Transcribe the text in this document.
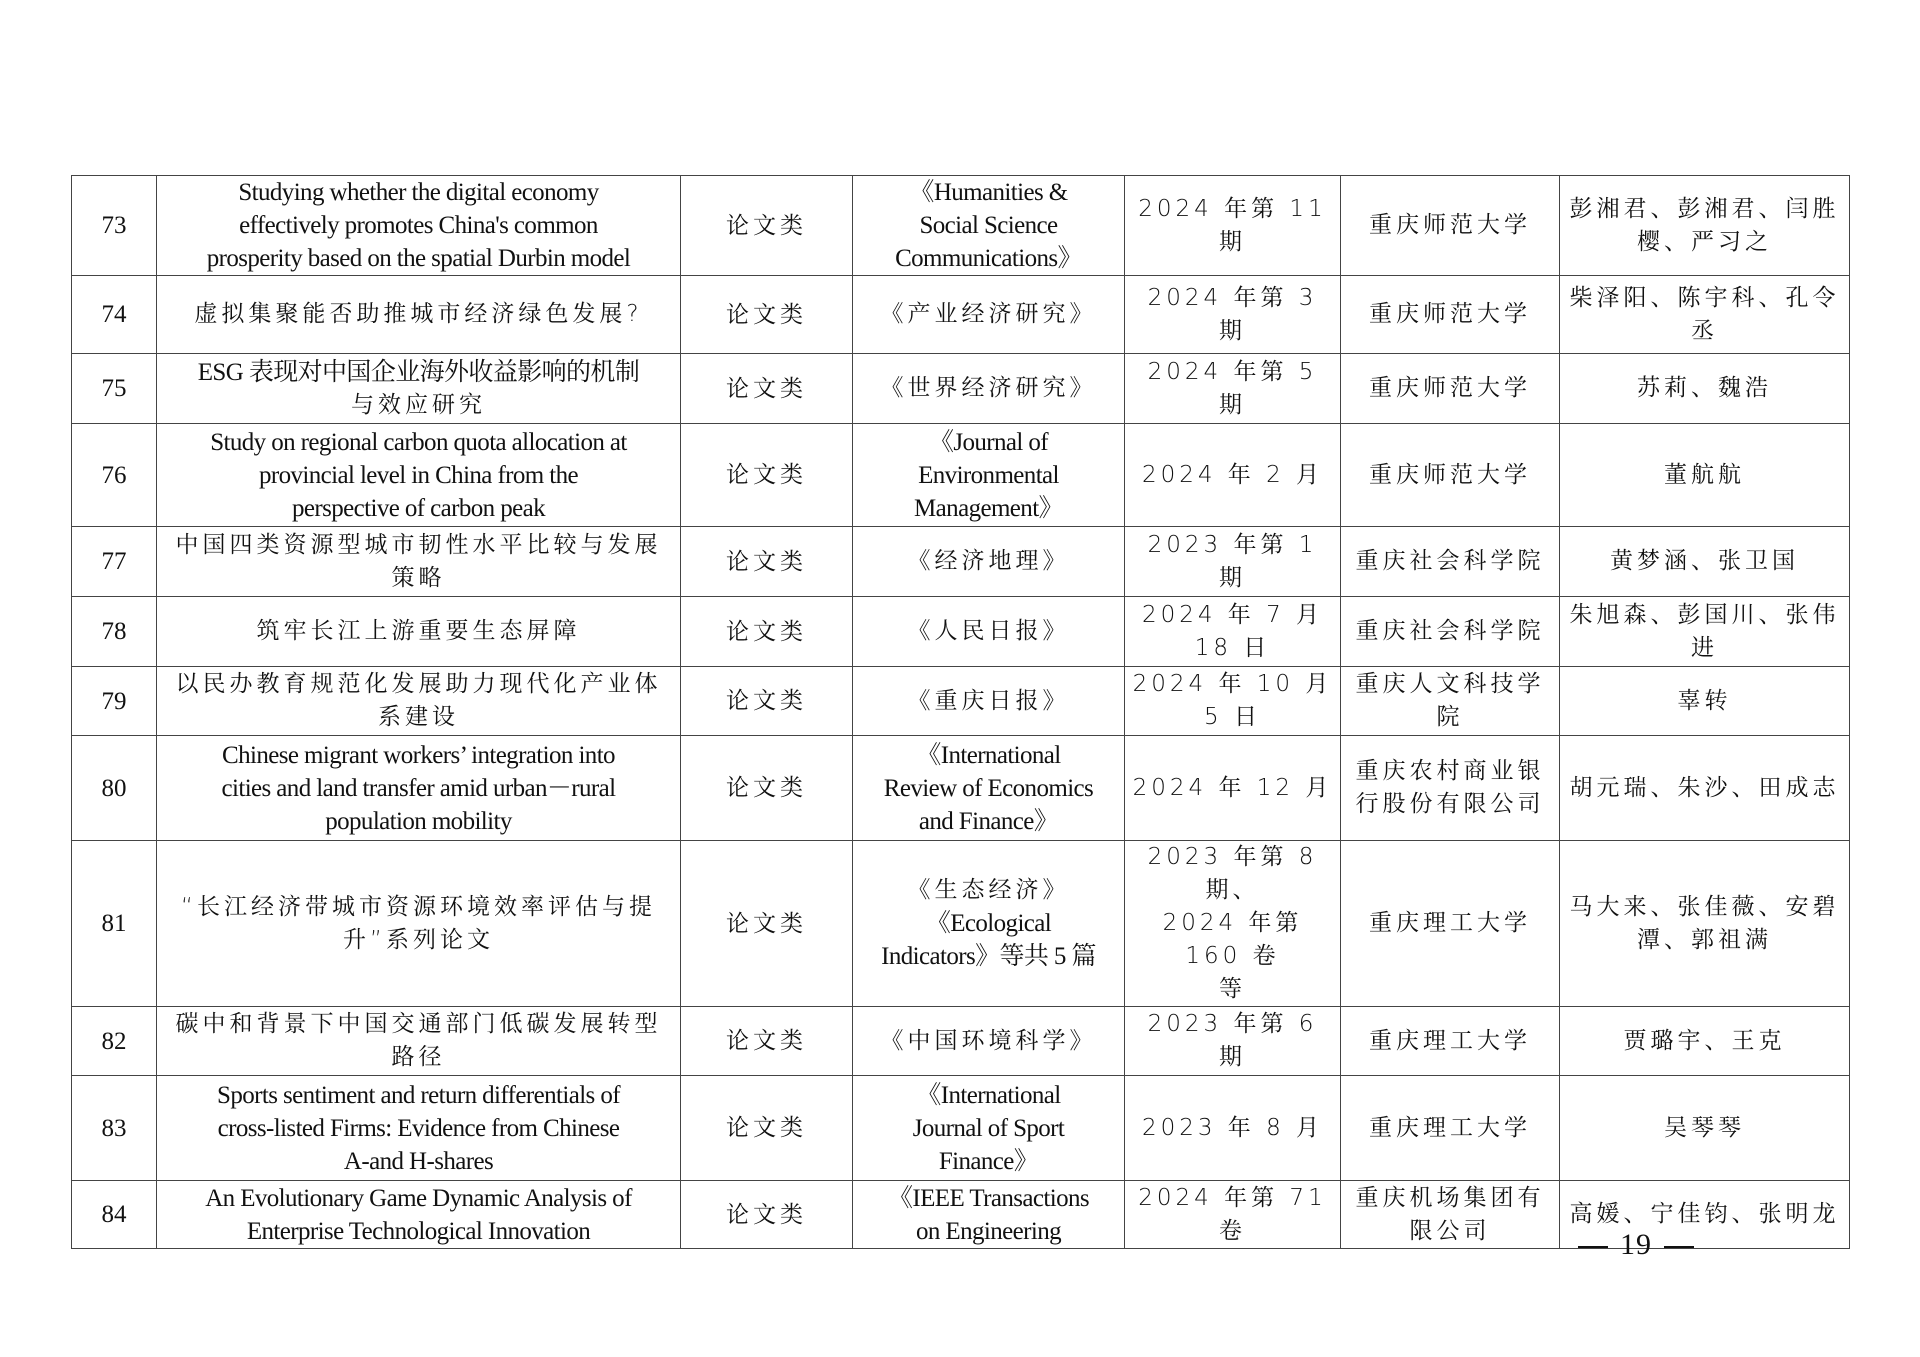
73	Studying whether the digital economy
effectively promotes China's common
prosperity based on the spatial Durbin model	论文类	《Humanities &
Social Science
Communications》	2024 年第 11 期	重庆师范大学	彭湘君、彭湘君、闫胜
樱、严习之

74	虚拟集聚能否助推城市经济绿色发展?	论文类	《产业经济研究》	2024 年第 3 期	重庆师范大学	柴泽阳、陈宇科、孔令
丞

75	ESG 表现对中国企业海外收益影响的机制
与效应研究	论文类	《世界经济研究》	2024 年第 5 期	重庆师范大学	苏莉、魏浩

76	Study on regional carbon quota allocation at
provincial level in China from the
perspective of carbon peak	论文类	《Journal of
Environmental
Management》	2024 年 2 月	重庆师范大学	董航航

77	中国四类资源型城市韧性水平比较与发展
策略	论文类	《经济地理》	2023 年第 1 期	重庆社会科学院	黄梦涵、张卫国

78	筑牢长江上游重要生态屏障	论文类	《人民日报》	2024 年 7 月 18 日	重庆社会科学院	朱旭森、彭国川、张伟
进

79	以民办教育规范化发展助力现代化产业体
系建设	论文类	《重庆日报》	2024 年 10 月 5 日	重庆人文科技学
院	辜转

80	Chinese migrant workers’ integration into
cities and land transfer amid urban－rural
population mobility	论文类	《International
Review of Economics
and Finance》	2024 年 12 月	重庆农村商业银
行股份有限公司	胡元瑞、朱沙、田成志

81	“长江经济带城市资源环境效率评估与提
升”系列论文	论文类	《生态经济》
《Ecological
Indicators》等共 5 篇	2023 年第 8 期、
2024 年第 160 卷
等	重庆理工大学	马大来、张佳薇、安碧
潭、郭祖满

82	碳中和背景下中国交通部门低碳发展转型
路径	论文类	《中国环境科学》	2023 年第 6 期	重庆理工大学	贾璐宇、王克

83	Sports sentiment and return differentials of
cross-listed Firms: Evidence from Chinese
A-and H-shares	论文类	《International
Journal of Sport
Finance》	2023 年 8 月	重庆理工大学	吴琴琴

84	An Evolutionary Game Dynamic Analysis of
Enterprise Technological Innovation	论文类	《IEEE Transactions
on Engineering	2024 年第 71 卷	重庆机场集团有
限公司	高媛、宁佳钧、张明龙
19
